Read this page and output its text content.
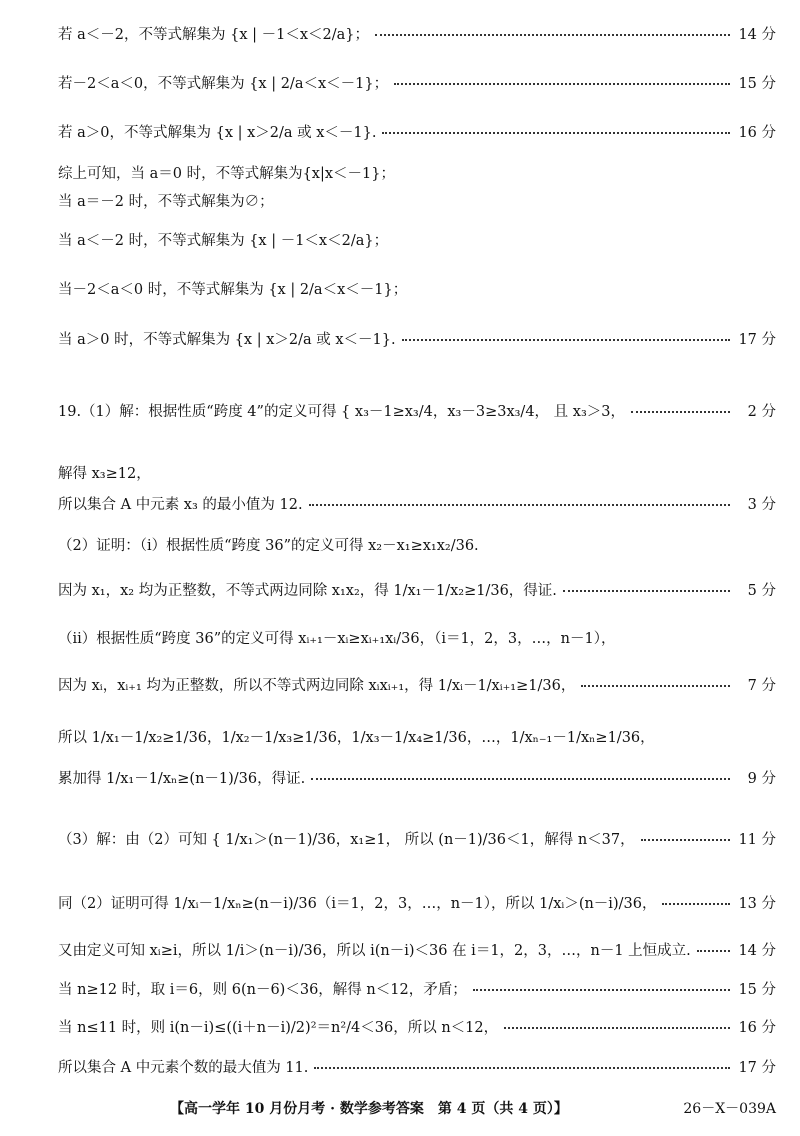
若 a＜－2，不等式解集为 {x | －1＜x＜2/a}；	14 分
若－2＜a＜0，不等式解集为 {x | 2/a＜x＜－1}；	15 分
若 a＞0，不等式解集为 {x | x＞2/a 或 x＜－1}.	16 分
综上可知，当 a＝0 时，不等式解集为{x|x＜－1}；
当 a＝－2 时，不等式解集为∅；
当 a＜－2 时，不等式解集为 {x | －1＜x＜2/a}；
当－2＜a＜0 时，不等式解集为 {x | 2/a＜x＜－1}；
当 a＞0 时，不等式解集为 {x | x＞2/a 或 x＜－1}.	17 分
19.（1）解：根据性质“跨度 4”的定义可得 { x₃－1≥x₃/4，x₃－3≥3x₃/4， 且 x₃＞3，	2 分
解得 x₃≥12，
所以集合 A 中元素 x₃ 的最小值为 12.	3 分
（2）证明：（ⅰ）根据性质“跨度 36”的定义可得 x₂－x₁≥x₁x₂/36.
因为 x₁，x₂ 均为正整数，不等式两边同除 x₁x₂，得 1/x₁－1/x₂≥1/36，得证.	5 分
（ⅱ）根据性质“跨度 36”的定义可得 xᵢ₊₁－xᵢ≥xᵢ₊₁xᵢ/36，（i＝1，2，3，…，n－1），
因为 xᵢ，xᵢ₊₁ 均为正整数，所以不等式两边同除 xᵢxᵢ₊₁，得 1/xᵢ－1/xᵢ₊₁≥1/36，	7 分
所以 1/x₁－1/x₂≥1/36，1/x₂－1/x₃≥1/36，1/x₃－1/x₄≥1/36，…，1/xₙ₋₁－1/xₙ≥1/36，
累加得 1/x₁－1/xₙ≥(n－1)/36，得证.	9 分
（3）解：由（2）可知 { 1/x₁＞(n－1)/36，x₁≥1， 所以 (n－1)/36＜1，解得 n＜37，	11 分
同（2）证明可得 1/xᵢ－1/xₙ≥(n－i)/36（i＝1，2，3，…，n－1），所以 1/xᵢ＞(n－i)/36，	13 分
又由定义可知 xᵢ≥i，所以 1/i＞(n－i)/36，所以 i(n－i)＜36 在 i＝1，2，3，…，n－1 上恒成立.	14 分
当 n≥12 时，取 i＝6，则 6(n－6)＜36，解得 n＜12，矛盾；	15 分
当 n≤11 时，则 i(n－i)≤((i＋n－i)/2)²＝n²/4＜36，所以 n＜12，	16 分
所以集合 A 中元素个数的最大值为 11.	17 分
【高一学年 10 月份月考 · 数学参考答案　第 4 页（共 4 页）】	26－X－039A
